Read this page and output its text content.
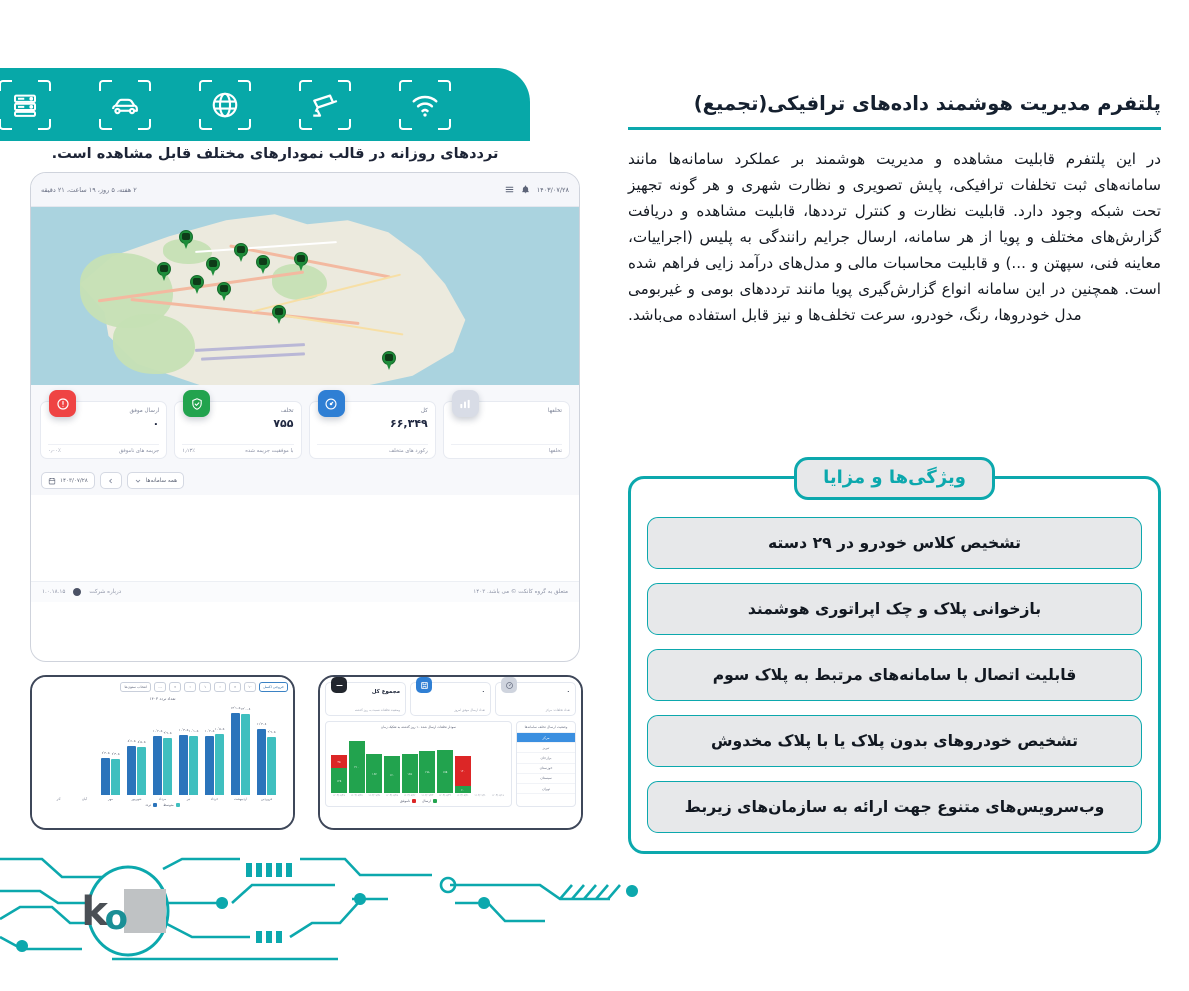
ترددهای روزانه در قالب نمودارهای مختلف قابل مشاهده است.
۱۴۰۳/۰۷/۲۸
۲ هفته، ۵ روز، ۱۹ ساعت، ۲۱ دقیقه
تخلفها
تخلفها
کل
۶۶,۳۴۹
رکورد های متخلف
تخلف
۷۵۵
با موفقیت جریمه شده
۱٫۱۳٪
ارسال موفق
۰
جریمه های ناموفق
۰٫۰۰٪
همه سامانه‌ها
۱۴۰۳/۰۷/۲۸
متعلق به گروه کانکت © می باشد. ۱۴۰۳
درباره شرکت
۱.۰.۱۸.۱۵
خروجی اکسل
۱۰
«
‹
۱
›
»
...
انتخاب ستون‌ها
تعداد تردد ۱۴۰۳
۹٬۹۰۵
۱۱٬۴۰۸
۱۴٬۰۰۸
۱۴٬۱۰۵
۱۰٬۵۰۵
۱۰٬۲۰۵
۱۰٬۱۰۵
۱۰٬۳۰۵
۹٬۹۰۵
۱۰٬۲۰۵
۸٬۵۰۵
۸٬۶۰۵
۶٬۳۰۵
۶٬۴۰۵
فروردین
اردیبهشت
خرداد
تیر
مرداد
شهریور
مهر
آبان
آذر
متوسط
تردد
۰
تعداد تخلفات: مرکز
۰
تعداد ارسال موفق امروز
مجموع کل
وضعیت تخلفات نسبت به روز گذشته
وضعیت ارسال تخلف سامانه‌ها
مرکز
تبریز
برازجان
خوزستان
سیستان
تهران
نمودار تخلفات ارسال شده ۱۰ روز گذشته به تفکیک زمان
۱۲۰
۶۰
۱۷۵
۱۷۸
۱۶۵
۱۶۰
۱۶۷
۲۱۰
۴۵
۱۲۵
۱۴۰۳/۰۷/۱۹
۱۴۰۳/۰۷/۲۰
۱۴۰۳/۰۷/۲۱
۱۴۰۳/۰۷/۲۲
۱۴۰۳/۰۷/۲۳
۱۴۰۳/۰۷/۲۴
۱۴۰۳/۰۷/۲۵
۱۴۰۳/۰۷/۲۶
۱۴۰۳/۰۷/۲۷
۱۴۰۳/۰۷/۲۸
ارسال
ناموفق
k
o
پلتفرم مدیریت هوشمند داده‌های ترافیکی(تجمیع)
در این پلتفرم قابلیت مشاهده و مدیریت هوشمند بر عملکرد سامانه‌ها مانند سامانه‌های ثبت تخلفات ترافیکی، پایش تصویری و نظارت شهری و هر گونه تجهیز تحت شبکه وجود دارد. قابلیت نظارت و کنترل ترددها، قابلیت مشاهده و دریافت گزارش‌های مختلف و پویا از هر سامانه، ارسال جرایم رانندگی به پلیس (اجراییات، معاینه فنی، سپهتن و ...) و قابلیت محاسبات مالی و مدل‌های درآمد زایی فراهم شده است. همچنین در این سامانه انواع گزارش‌گیری پویا مانند ترددهای بومی و غیربومی مدل خودروها، رنگ، خودرو، سرعت تخلف‌ها و نیز قابل استفاده می‌باشد.
ویژگی‌ها و مزایا
تشخیص کلاس خودرو در ۲۹ دسته
بازخوانی پلاک و چک اپراتوری هوشمند
قابلیت اتصال با سامانه‌های مرتبط به پلاک سوم
تشخیص خودروهای بدون پلاک یا با پلاک مخدوش
وب‌سرویس‌های متنوع جهت ارائه به سازمان‌های زیربط
